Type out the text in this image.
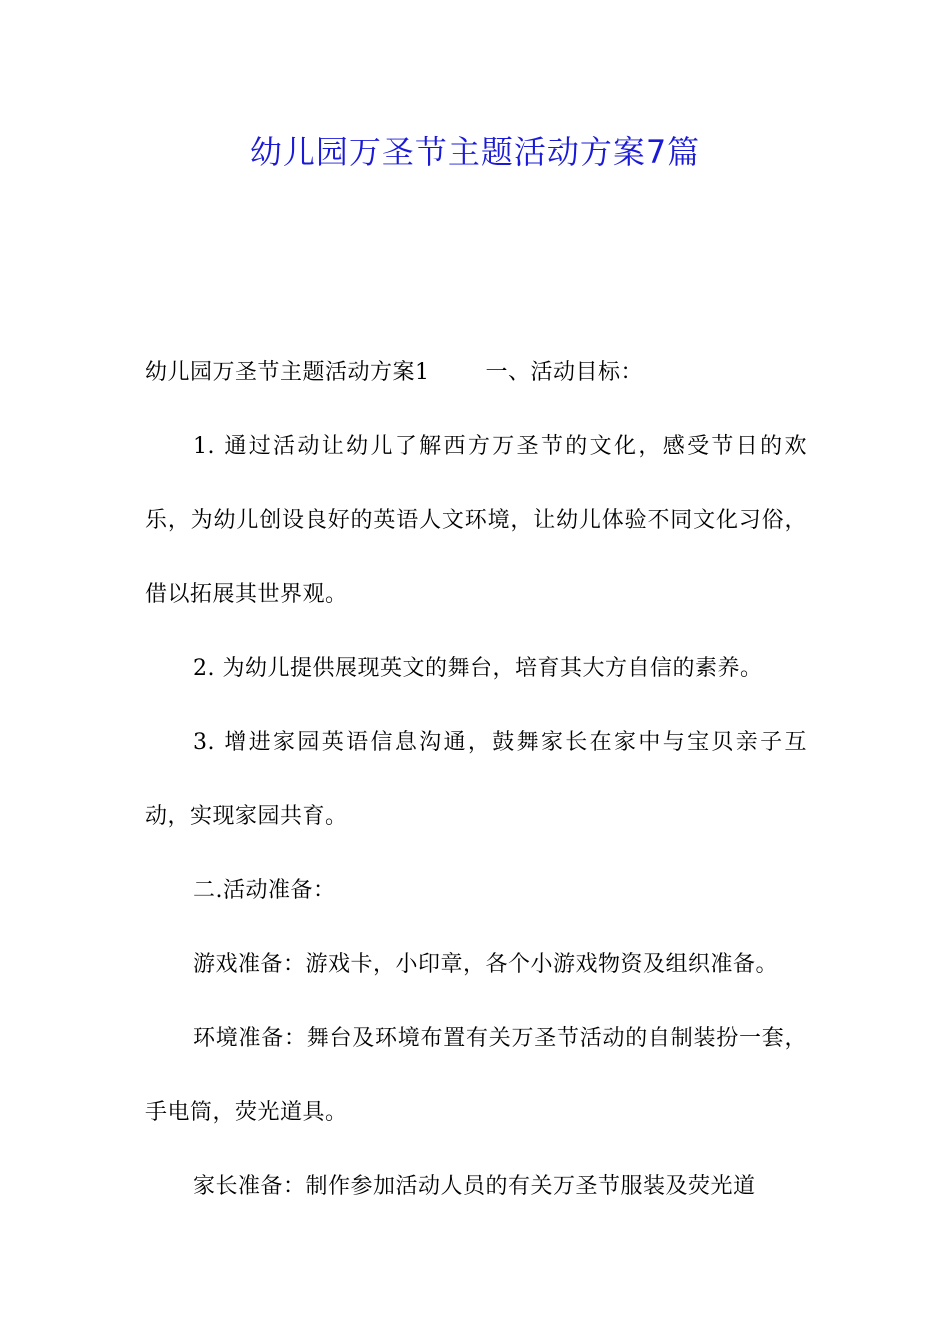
幼儿园万圣节主题活动方案7篇

幼儿园万圣节主题活动方案1	一、活动目标：

1. 通过活动让幼儿了解西方万圣节的文化，感受节日的欢乐，为幼儿创设良好的英语人文环境，让幼儿体验不同文化习俗，借以拓展其世界观。

2. 为幼儿提供展现英文的舞台，培育其大方自信的素养。

3. 增进家园英语信息沟通，鼓舞家长在家中与宝贝亲子互动，实现家园共育。

二.活动准备：

游戏准备：游戏卡，小印章，各个小游戏物资及组织准备。

环境准备：舞台及环境布置有关万圣节活动的自制装扮一套，手电筒，荧光道具。

家长准备：制作参加活动人员的有关万圣节服装及荧光道
